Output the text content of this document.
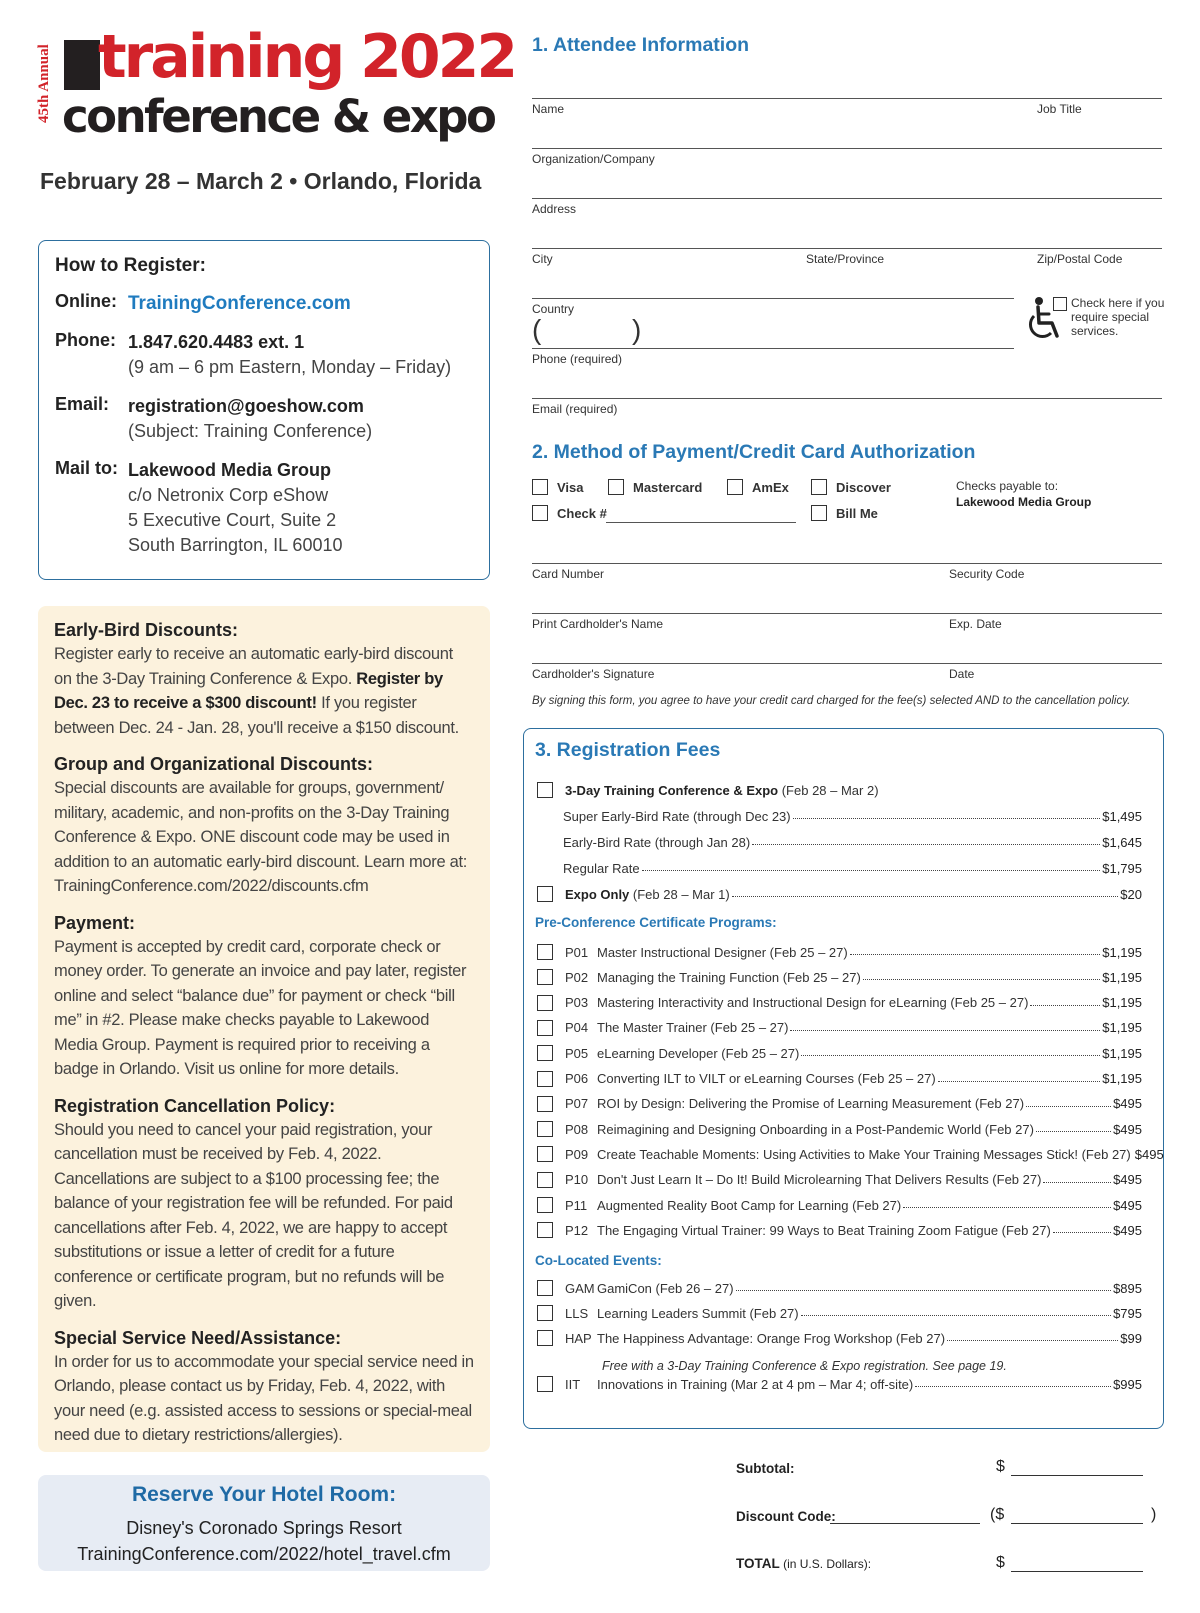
45th Annual training 2022
conference & expo
February 28 – March 2 • Orlando, Florida
How to Register:
Online: TrainingConference.com
Phone: 1.847.620.4483 ext. 1
(9 am – 6 pm Eastern, Monday – Friday)
Email:	registration@goeshow.com
(Subject: Training Conference)
Mail to: Lakewood Media Group
c/o Netronix Corp eShow
5 Executive Court, Suite 2
South Barrington, IL 60010
Early-Bird Discounts:

Register early to receive an automatic early-bird discount on the 3-Day Training Conference & Expo. Register by Dec. 23 to receive a $300 discount! If you register between Dec. 24 - Jan. 28, you'll receive a $150 discount.

Group and Organizational Discounts:

Special discounts are available for groups, government/ military, academic, and non-profits on the 3-Day Training Conference & Expo. ONE discount code may be used in addition to an automatic early-bird discount. Learn more at: TrainingConference.com/2022/discounts.cfm

Payment:

Payment is accepted by credit card, corporate check or money order. To generate an invoice and pay later, register online and select “balance due” for payment or check “bill me” in #2. Please make checks payable to Lakewood Media Group. Payment is required prior to receiving a badge in Orlando. Visit us online for more details.

Registration Cancellation Policy:

Should you need to cancel your paid registration, your cancellation must be received by Feb. 4, 2022. Cancellations are subject to a $100 processing fee; the balance of your registration fee will be refunded. For paid cancellations after Feb. 4, 2022, we are happy to accept substitutions or issue a letter of credit for a future conference or certificate program, but no refunds will be given.

Special Service Need/Assistance:

In order for us to accommodate your special service need in Orlando, please contact us by Friday, Feb. 4, 2022, with your need (e.g. assisted access to sessions or special-meal need due to dietary restrictions/allergies).

Reserve Your Hotel Room:
Disney's Coronado Springs Resort
TrainingConference.com/2022/hotel_travel.cfm
1. Attendee Information
Name	Job Title
Organization/Company
Address
City	State/Province	Zip/Postal Code
Country
(	)
Phone (required)
Check here if you require special services.
Email (required)
2. Method of Payment/Credit Card Authorization
Visa	Mastercard	AmEx	Discover
Check #	Bill Me
Checks payable to:
Lakewood Media Group
Card Number	Security Code
Print Cardholder's Name	Exp. Date
Cardholder's Signature	Date
By signing this form, you agree to have your credit card charged for the fee(s) selected AND to the cancellation policy.
3. Registration Fees
3-Day Training Conference & Expo (Feb 28 – Mar 2)
Super Early-Bird Rate (through Dec 23)	$1,495
Early-Bird Rate (through Jan 28)	$1,645
Regular Rate	$1,795
Expo Only (Feb 28 – Mar 1)	$20
Pre-Conference Certificate Programs:
P01 Master Instructional Designer (Feb 25 – 27)	$1,195
P02 Managing the Training Function (Feb 25 – 27)	$1,195
P03 Mastering Interactivity and Instructional Design for eLearning (Feb 25 – 27)	$1,195
P04 The Master Trainer (Feb 25 – 27)	$1,195
P05 eLearning Developer (Feb 25 – 27)	$1,195
P06 Converting ILT to VILT or eLearning Courses (Feb 25 – 27)	$1,195
P07 ROI by Design: Delivering the Promise of Learning Measurement (Feb 27)	$495
P08 Reimagining and Designing Onboarding in a Post-Pandemic World (Feb 27)	$495
P09 Create Teachable Moments: Using Activities to Make Your Training Messages Stick! (Feb 27) $495
P10 Don't Just Learn It – Do It! Build Microlearning That Delivers Results (Feb 27)	$495
P11 Augmented Reality Boot Camp for Learning (Feb 27)	$495
P12 The Engaging Virtual Trainer: 99 Ways to Beat Training Zoom Fatigue (Feb 27)	$495
Co-Located Events:
GAM GamiCon (Feb 26 – 27)	$895
LLS Learning Leaders Summit (Feb 27)	$795
HAP The Happiness Advantage: Orange Frog Workshop (Feb 27)	$99
IIT	Innovations in Training (Mar 2 at 4 pm – Mar 4; off-site)	$995
Free with a 3-Day Training Conference & Expo registration. See page 19.
Subtotal:	$
Discount Code:	($	)
TOTAL (in U.S. Dollars):	$
